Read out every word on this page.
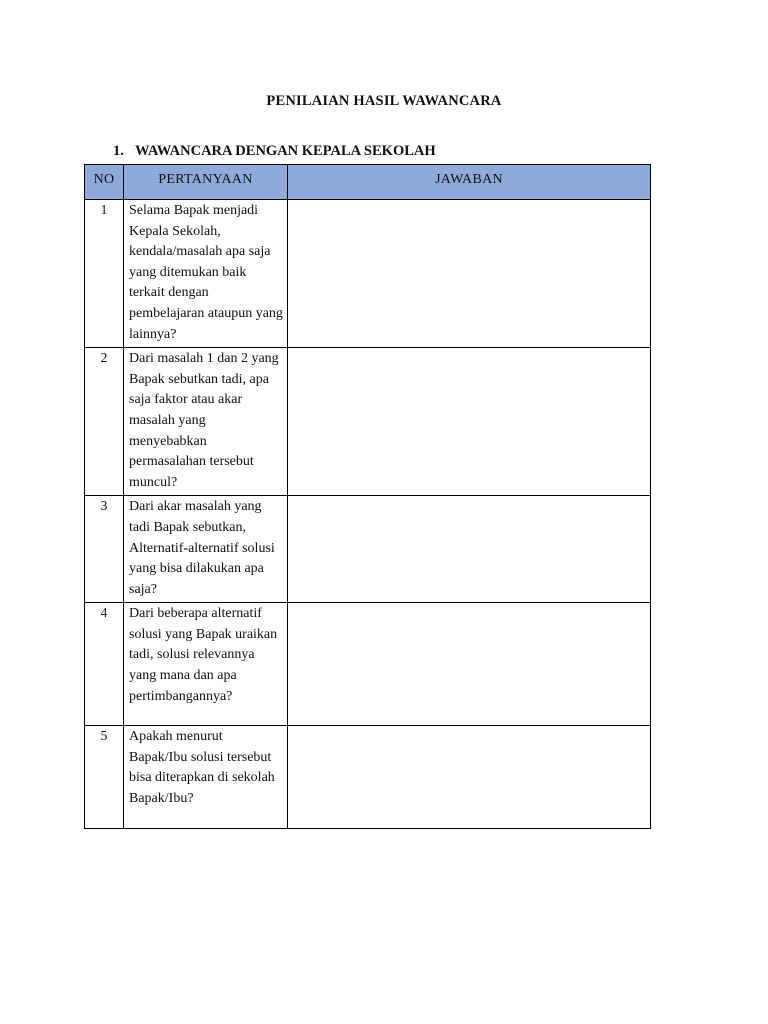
PENILAIAN HASIL WAWANCARA
1. WAWANCARA DENGAN KEPALA SEKOLAH
NO	PERTANYAAN	JAWABAN
1	Selama Bapak menjadi Kepala Sekolah, kendala/masalah apa saja yang ditemukan baik terkait dengan pembelajaran ataupun yang lainnya?	
2	Dari masalah 1 dan 2 yang Bapak sebutkan tadi, apa saja faktor atau akar masalah yang menyebabkan permasalahan tersebut muncul?	
3	Dari akar masalah yang tadi Bapak sebutkan, Alternatif-alternatif solusi yang bisa dilakukan apa saja?	
4	Dari beberapa alternatif solusi yang Bapak uraikan tadi, solusi relevannya yang mana dan apa pertimbangannya?	
5	Apakah menurut Bapak/Ibu solusi tersebut bisa diterapkan di sekolah Bapak/Ibu?	
